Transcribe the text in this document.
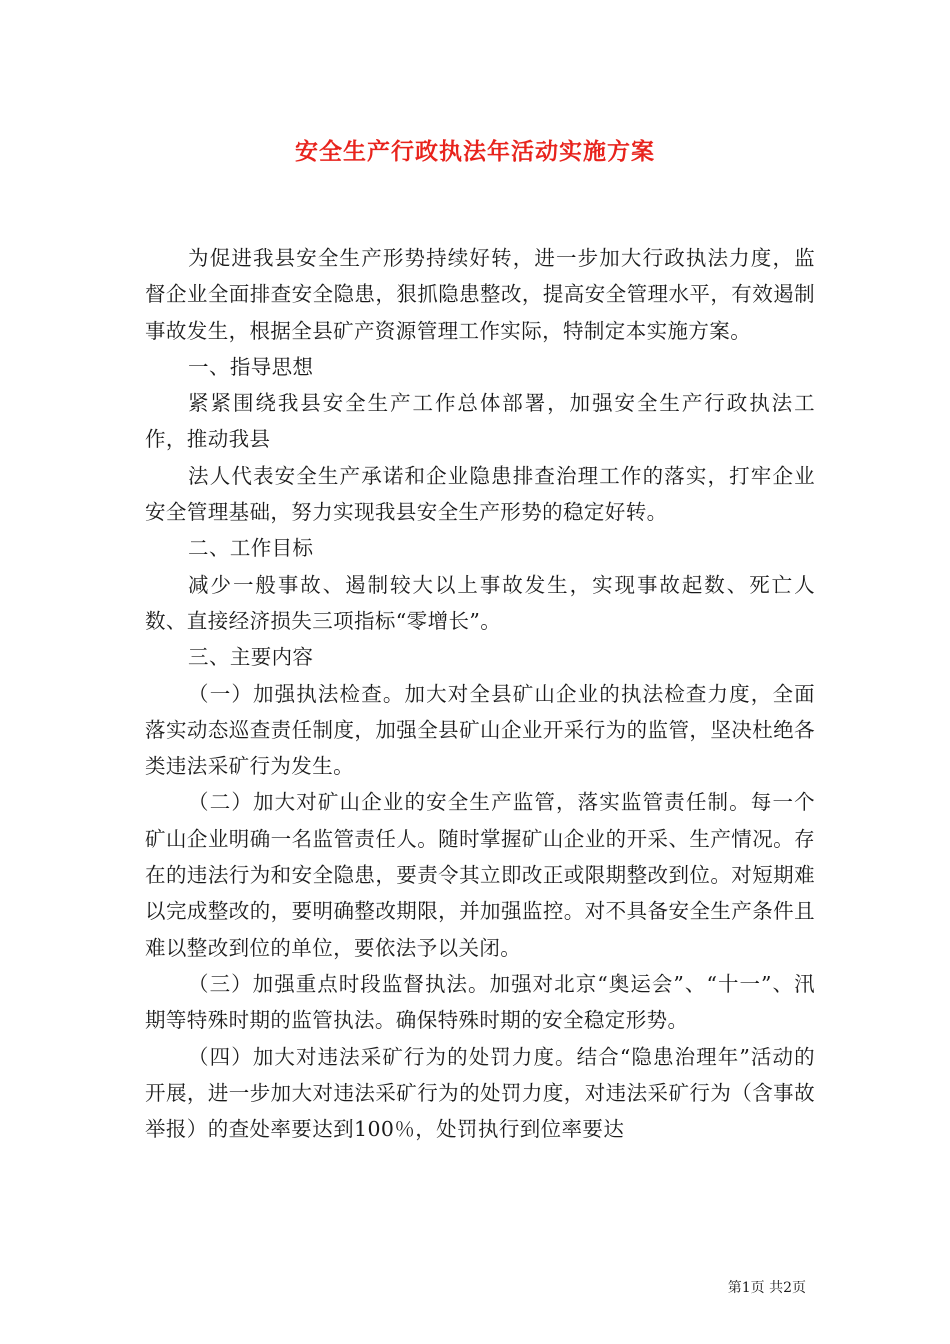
安全生产行政执法年活动实施方案

为促进我县安全生产形势持续好转，进一步加大行政执法力度，监督企业全面排查安全隐患，狠抓隐患整改，提高安全管理水平，有效遏制事故发生，根据全县矿产资源管理工作实际，特制定本实施方案。

一、指导思想

紧紧围绕我县安全生产工作总体部署，加强安全生产行政执法工作，推动我县

法人代表安全生产承诺和企业隐患排查治理工作的落实，打牢企业安全管理基础，努力实现我县安全生产形势的稳定好转。

二、工作目标

减少一般事故、遏制较大以上事故发生，实现事故起数、死亡人数、直接经济损失三项指标“零增长”。

三、主要内容

（一）加强执法检查。加大对全县矿山企业的执法检查力度，全面落实动态巡查责任制度，加强全县矿山企业开采行为的监管，坚决杜绝各类违法采矿行为发生。

（二）加大对矿山企业的安全生产监管，落实监管责任制。每一个矿山企业明确一名监管责任人。随时掌握矿山企业的开采、生产情况。存在的违法行为和安全隐患，要责令其立即改正或限期整改到位。对短期难以完成整改的，要明确整改期限，并加强监控。对不具备安全生产条件且难以整改到位的单位，要依法予以关闭。

（三）加强重点时段监督执法。加强对北京“奥运会”、“十一”、汛期等特殊时期的监管执法。确保特殊时期的安全稳定形势。

（四）加大对违法采矿行为的处罚力度。结合“隐患治理年”活动的开展，进一步加大对违法采矿行为的处罚力度，对违法采矿行为（含事故举报）的查处率要达到100％，处罚执行到位率要达

第1页 共2页
